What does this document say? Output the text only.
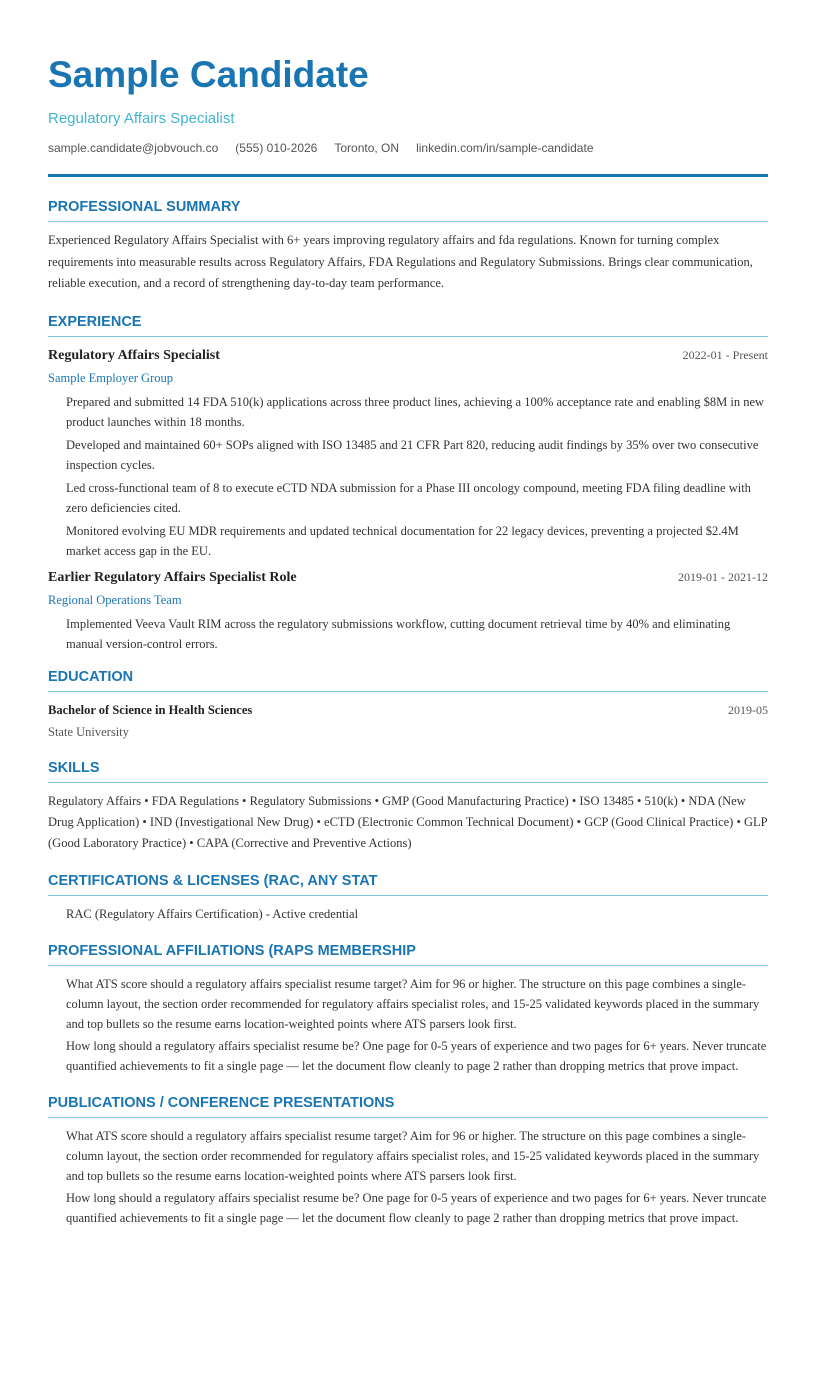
Sample Candidate
Regulatory Affairs Specialist
sample.candidate@jobvouch.co (555) 010-2026 Toronto, ON linkedin.com/in/sample-candidate
PROFESSIONAL SUMMARY

Experienced Regulatory Affairs Specialist with 6+ years improving regulatory affairs and fda regulations. Known for turning complex requirements into measurable results across Regulatory Affairs, FDA Regulations and Regulatory Submissions. Brings clear communication, reliable execution, and a record of strengthening day-to-day team performance.

EXPERIENCE
Regulatory Affairs Specialist	2022-01 - Present
Sample Employer Group
Prepared and submitted 14 FDA 510(k) applications across three product lines, achieving a 100% acceptance rate and enabling $8M in new product launches within 18 months.
Developed and maintained 60+ SOPs aligned with ISO 13485 and 21 CFR Part 820, reducing audit findings by 35% over two consecutive inspection cycles.
Led cross-functional team of 8 to execute eCTD NDA submission for a Phase III oncology compound, meeting FDA filing deadline with zero deficiencies cited.
Monitored evolving EU MDR requirements and updated technical documentation for 22 legacy devices, preventing a projected $2.4M market access gap in the EU.
Earlier Regulatory Affairs Specialist Role	2019-01 - 2021-12
Regional Operations Team
Implemented Veeva Vault RIM across the regulatory submissions workflow, cutting document retrieval time by 40% and eliminating manual version-control errors.
EDUCATION
Bachelor of Science in Health Sciences	2019-05
State University
SKILLS

Regulatory Affairs • FDA Regulations • Regulatory Submissions • GMP (Good Manufacturing Practice) • ISO 13485 • 510(k) • NDA (New Drug Application) • IND (Investigational New Drug) • eCTD (Electronic Common Technical Document) • GCP (Good Clinical Practice) • GLP (Good Laboratory Practice) • CAPA (Corrective and Preventive Actions)

CERTIFICATIONS & LICENSES (RAC, ANY STAT
RAC (Regulatory Affairs Certification) - Active credential
PROFESSIONAL AFFILIATIONS (RAPS MEMBERSHIP

What ATS score should a regulatory affairs specialist resume target? Aim for 96 or higher. The structure on this page combines a single-column layout, the section order recommended for regulatory affairs specialist roles, and 15-25 validated keywords placed in the summary and top bullets so the resume earns location-weighted points where ATS parsers look first.

How long should a regulatory affairs specialist resume be? One page for 0-5 years of experience and two pages for 6+ years. Never truncate quantified achievements to fit a single page — let the document flow cleanly to page 2 rather than dropping metrics that prove impact.

PUBLICATIONS / CONFERENCE PRESENTATIONS

What ATS score should a regulatory affairs specialist resume target? Aim for 96 or higher. The structure on this page combines a single-column layout, the section order recommended for regulatory affairs specialist roles, and 15-25 validated keywords placed in the summary and top bullets so the resume earns location-weighted points where ATS parsers look first.

How long should a regulatory affairs specialist resume be? One page for 0-5 years of experience and two pages for 6+ years. Never truncate quantified achievements to fit a single page — let the document flow cleanly to page 2 rather than dropping metrics that prove impact.
